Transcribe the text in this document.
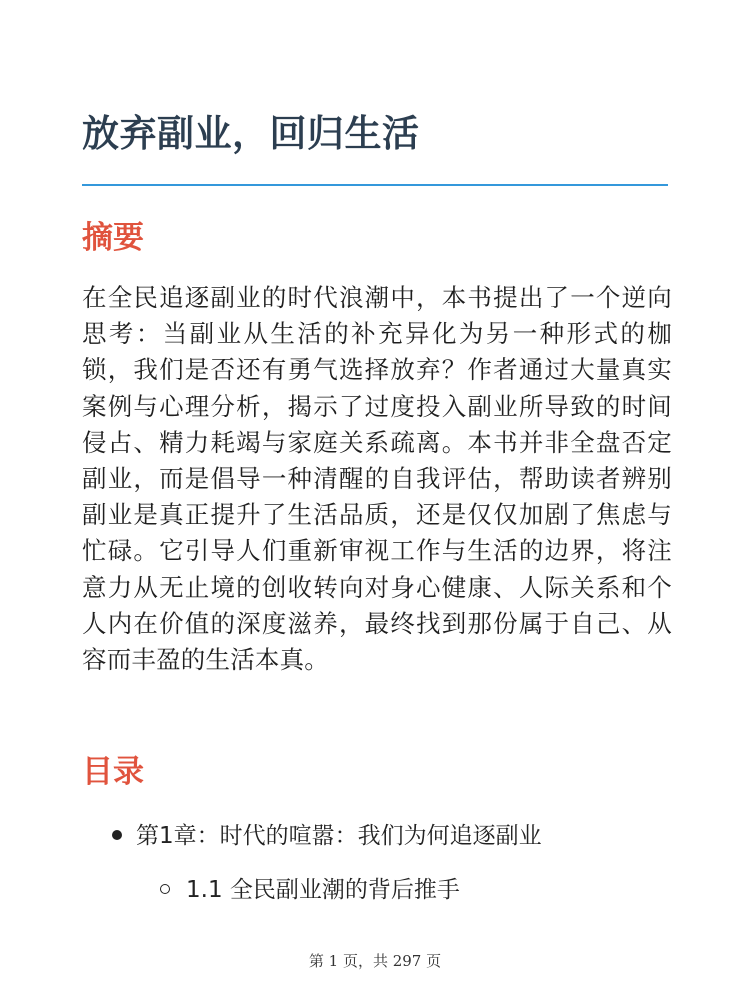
放弃副业，回归生活
摘要

在全民追逐副业的时代浪潮中，本书提出了一个逆向思考：当副业从生活的补充异化为另一种形式的枷锁，我们是否还有勇气选择放弃？作者通过大量真实案例与心理分析，揭示了过度投入副业所导致的时间侵占、精力耗竭与家庭关系疏离。本书并非全盘否定副业，而是倡导一种清醒的自我评估，帮助读者辨别副业是真正提升了生活品质，还是仅仅加剧了焦虑与忙碌。它引导人们重新审视工作与生活的边界，将注意力从无止境的创收转向对身心健康、人际关系和个人内在价值的深度滋养，最终找到那份属于自己、从容而丰盈的生活本真。

目录
第1章：时代的喧嚣：我们为何追逐副业
1.1 全民副业潮的背后推手
第 1 页，共 297 页
